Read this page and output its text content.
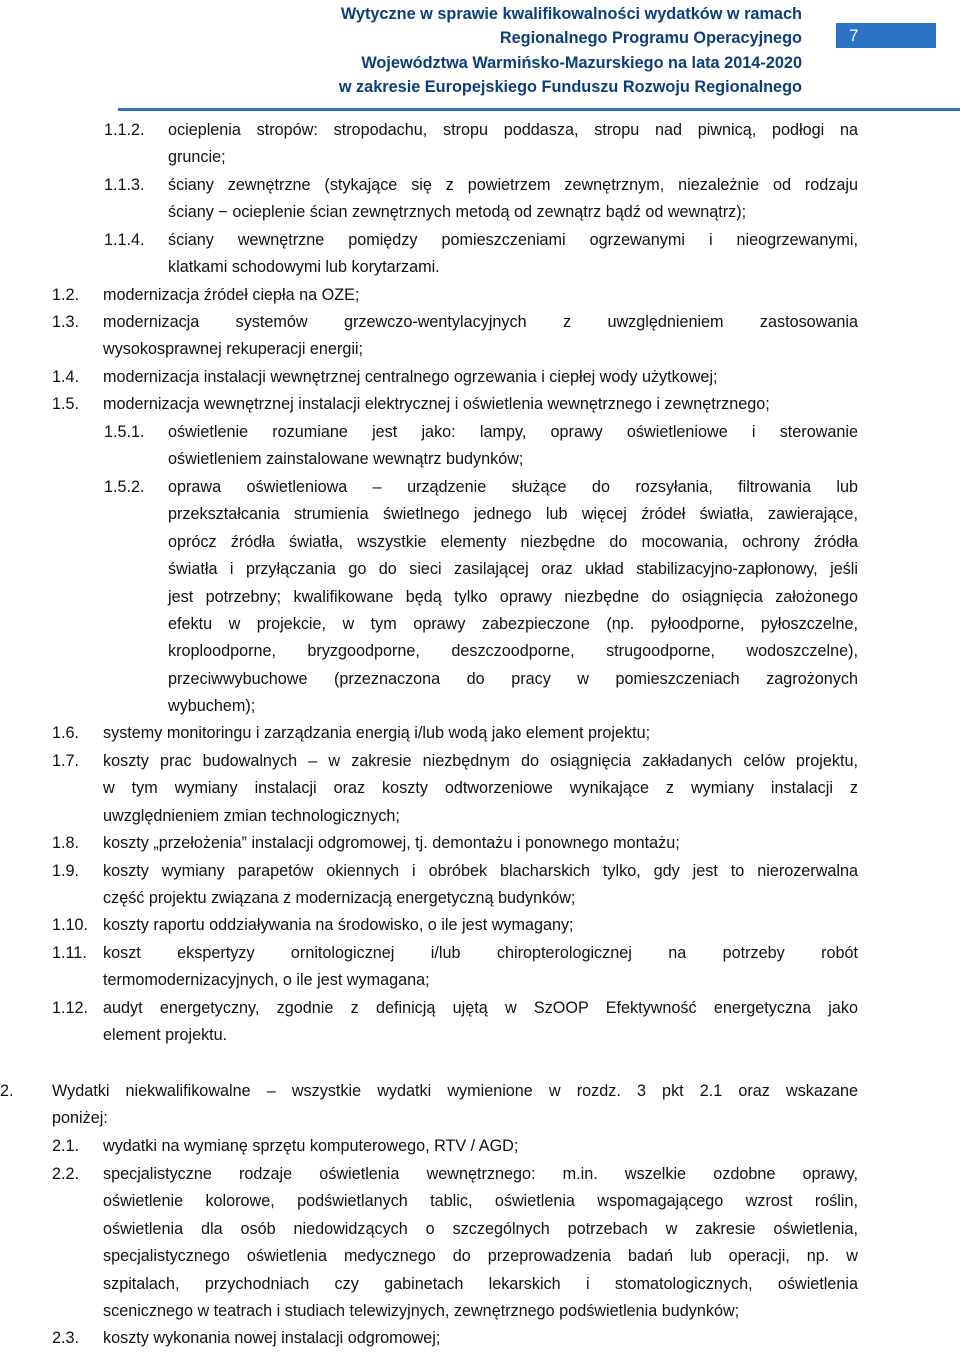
Wytyczne w sprawie kwalifikowalności wydatków w ramach
Regionalnego Programu Operacyjnego
Województwa Warmińsko-Mazurskiego na lata 2014-2020
w zakresie Europejskiego Funduszu Rozwoju Regionalnego
7
1.1.2. ocieplenia stropów: stropodachu, stropu poddasza, stropu nad piwnicą, podłogi na
gruncie;
1.1.3. ściany zewnętrzne (stykające się z powietrzem zewnętrznym, niezależnie od rodzaju
ściany − ocieplenie ścian zewnętrznych metodą od zewnątrz bądź od wewnątrz);
1.1.4. ściany wewnętrzne pomiędzy pomieszczeniami ogrzewanymi i nieogrzewanymi,
klatkami schodowymi lub korytarzami.
1.2. modernizacja źródeł ciepła na OZE;
1.3. modernizacja systemów grzewczo-wentylacyjnych z uwzględnieniem zastosowania
wysokosprawnej rekuperacji energii;
1.4. modernizacja instalacji wewnętrznej centralnego ogrzewania i ciepłej wody użytkowej;
1.5. modernizacja wewnętrznej instalacji elektrycznej i oświetlenia wewnętrznego i zewnętrznego;
1.5.1. oświetlenie rozumiane jest jako: lampy, oprawy oświetleniowe i sterowanie
oświetleniem zainstalowane wewnątrz budynków;
1.5.2. oprawa oświetleniowa – urządzenie służące do rozsyłania, filtrowania lub
przekształcania strumienia świetlnego jednego lub więcej źródeł światła, zawierające,
oprócz źródła światła, wszystkie elementy niezbędne do mocowania, ochrony źródła
światła i przyłączania go do sieci zasilającej oraz układ stabilizacyjno-zapłonowy, jeśli
jest potrzebny; kwalifikowane będą tylko oprawy niezbędne do osiągnięcia założonego
efektu w projekcie, w tym oprawy zabezpieczone (np. pyłoodporne, pyłoszczelne,
kroploodporne, bryzgoodporne, deszczoodporne, strugoodporne, wodoszczelne),
przeciwwybuchowe (przeznaczona do pracy w pomieszczeniach zagrożonych
wybuchem);
1.6. systemy monitoringu i zarządzania energią i/lub wodą jako element projektu;
1.7. koszty prac budowalnych – w zakresie niezbędnym do osiągnięcia zakładanych celów projektu,
w tym wymiany instalacji oraz koszty odtworzeniowe wynikające z wymiany instalacji z
uwzględnieniem zmian technologicznych;
1.8. koszty „przełożenia” instalacji odgromowej, tj. demontażu i ponownego montażu;
1.9. koszty wymiany parapetów okiennych i obróbek blacharskich tylko, gdy jest to nierozerwalna
część projektu związana z modernizacją energetyczną budynków;
1.10. koszty raportu oddziaływania na środowisko, o ile jest wymagany;
1.11. koszt ekspertyzy ornitologicznej i/lub chiropterologicznej na potrzeby robót
termomodernizacyjnych, o ile jest wymagana;
1.12. audyt energetyczny, zgodnie z definicją ujętą w SzOOP Efektywność energetyczna jako
element projektu.
2. Wydatki niekwalifikowalne – wszystkie wydatki wymienione w rozdz. 3 pkt 2.1 oraz wskazane
poniżej:
2.1. wydatki na wymianę sprzętu komputerowego, RTV / AGD;
2.2. specjalistyczne rodzaje oświetlenia wewnętrznego: m.in. wszelkie ozdobne oprawy,
oświetlenie kolorowe, podświetlanych tablic, oświetlenia wspomagającego wzrost roślin,
oświetlenia dla osób niedowidzących o szczególnych potrzebach w zakresie oświetlenia,
specjalistycznego oświetlenia medycznego do przeprowadzenia badań lub operacji, np. w
szpitalach, przychodniach czy gabinetach lekarskich i stomatologicznych, oświetlenia
scenicznego w teatrach i studiach telewizyjnych, zewnętrznego podświetlenia budynków;
2.3. koszty wykonania nowej instalacji odgromowej;
